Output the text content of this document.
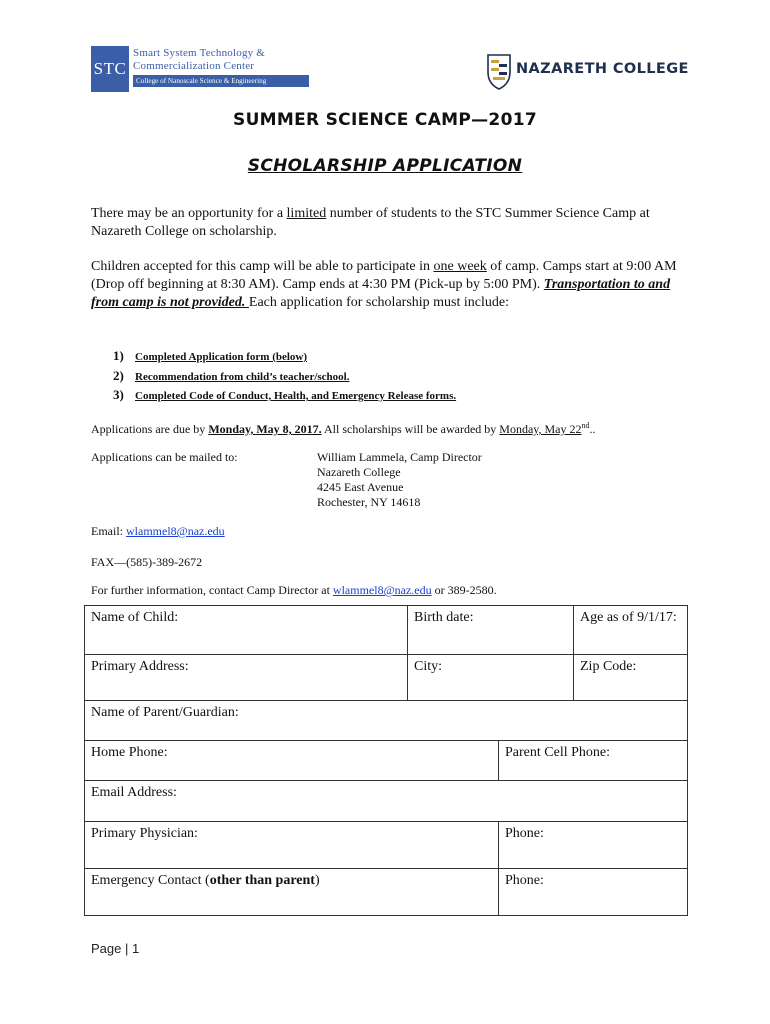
STC
Smart System Technology &
Commercialization Center
College of Nanoscale Science & Engineering
NAZARETH COLLEGE
SUMMER SCIENCE CAMP—2017
SCHOLARSHIP APPLICATION
There may be an opportunity for a limited number of students to the STC Summer Science Camp at Nazareth College on scholarship.
Children accepted for this camp will be able to participate in one week of camp. Camps start at 9:00 AM (Drop off beginning at 8:30 AM). Camp ends at 4:30 PM (Pick-up by 5:00 PM). Transportation to and from camp is not provided. Each application for scholarship must include:
1) Completed Application form (below)
2) Recommendation from child’s teacher/school.
3) Completed Code of Conduct, Health, and Emergency Release forms.
Applications are due by Monday, May 8, 2017. All scholarships will be awarded by Monday, May 22nd..
Applications can be mailed to:	William Lammela, Camp Director
Nazareth College
4245 East Avenue
Rochester, NY 14618
Email: wlammel8@naz.edu
FAX—(585)-389-2672
For further information, contact Camp Director at wlammel8@naz.edu or 389-2580.
Name of Child:	Birth date:	Age as of 9/1/17:
Primary Address:	City:	Zip Code:
Name of Parent/Guardian:
Home Phone:	Parent Cell Phone:
Email Address:
Primary Physician:	Phone:
Emergency Contact (other than parent)	Phone:
Page | 1
